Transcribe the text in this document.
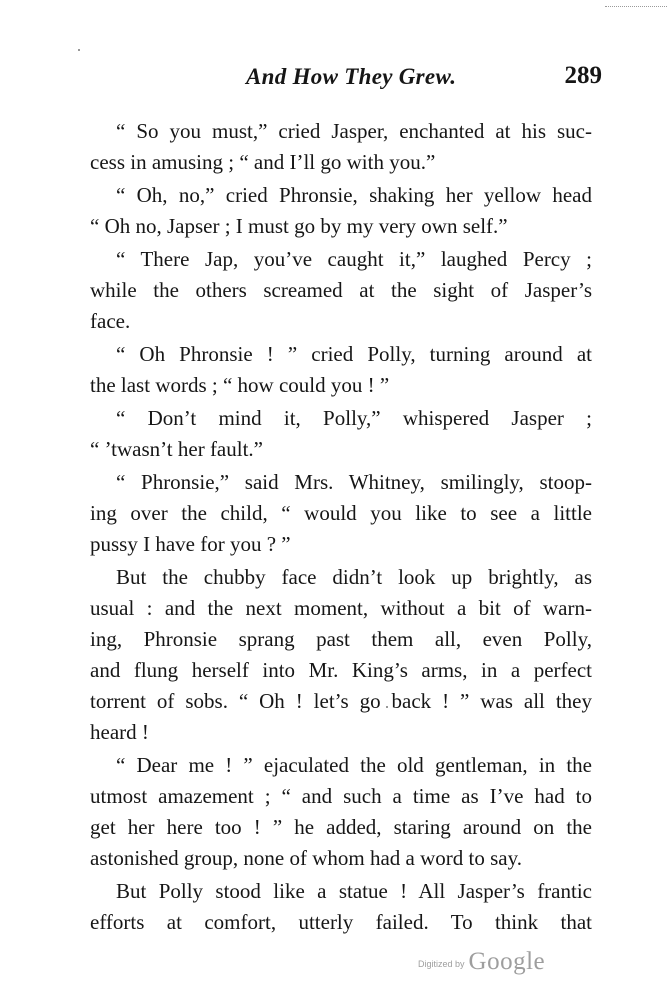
And How They Grew.	289
“ So you must,” cried Jasper, enchanted at his suc-
cess in amusing ; “ and I’ll go with you.”
“ Oh, no,” cried Phronsie, shaking her yellow head
“ Oh no, Japser ; I must go by my very own self.”
“ There Jap, you’ve caught it,” laughed Percy ;
while the others screamed at the sight of Jasper’s
face.
“ Oh Phronsie ! ” cried Polly, turning around at
the last words ; “ how could you ! ”
“ Don’t mind it, Polly,” whispered Jasper ;
“ ’twasn’t her fault.”
“ Phronsie,” said Mrs. Whitney, smilingly, stoop-
ing over the child, “ would you like to see a little
pussy I have for you ? ”
But the chubby face didn’t look up brightly, as
usual : and the next moment, without a bit of warn-
ing, Phronsie sprang past them all, even Polly,
and flung herself into Mr. King’s arms, in a perfect
torrent of sobs. “ Oh ! let’s go back ! ” was all they
heard !
“ Dear me ! ” ejaculated the old gentleman, in the
utmost amazement ; “ and such a time as I’ve had to
get her here too ! ” he added, staring around on the
astonished group, none of whom had a word to say.
But Polly stood like a statue ! All Jasper’s frantic
efforts at comfort, utterly failed. To think that
Digitized by Google
